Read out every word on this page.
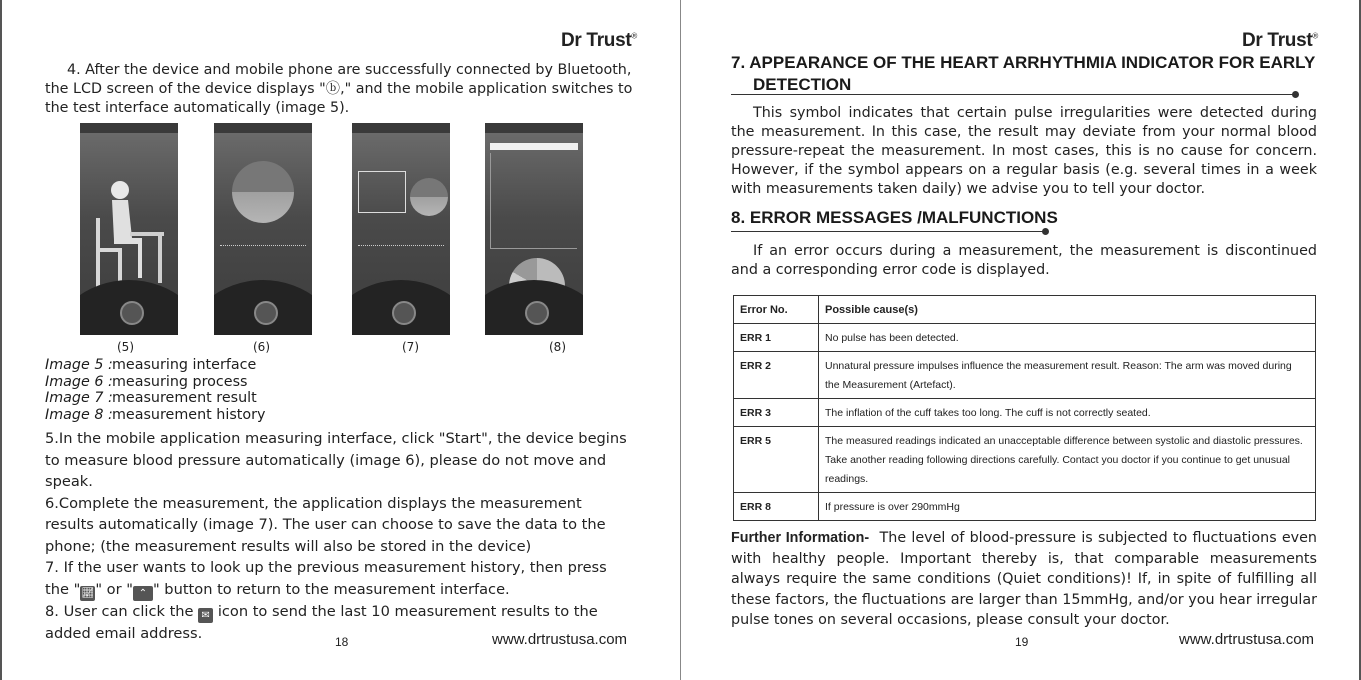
Dr Trust®
4. After the device and mobile phone are successfully connected by Bluetooth, the LCD screen of the device displays "ⓑ," and the mobile application switches to the test interface automatically (image 5).
(5)	(6)	(7)	(8)
Image 5 :measuring interface
Image 6 :measuring process
Image 7 :measurement result
Image 8 :measurement history
5.In the mobile application measuring interface, click "Start", the device begins to measure blood pressure automatically (image 6), please do not move and speak.
6.Complete the measurement, the application displays the measurement results automatically (image 7). The user can choose to save the data to the phone; (the measurement results will also be stored in the device)
7. If the user wants to look up the previous measurement history, then press the "📈︎" or " ⌃ " button to return to the measurement interface.
8. User can click the ✉ icon to send the last 10 measurement results to the added email address.
18	www.drtrustusa.com
Dr Trust®
7. APPEARANCE OF THE HEART ARRHYTHMIA INDICATOR FOR EARLY
DETECTION
This symbol indicates that certain pulse irregularities were detected during the measurement. In this case, the result may deviate from your normal blood pressure-repeat the measurement. In most cases, this is no cause for concern. However, if the symbol appears on a regular basis (e.g. several times in a week with measurements taken daily) we advise you to tell your doctor.
8. ERROR MESSAGES /MALFUNCTIONS
If an error occurs during a measurement, the measurement is discontinued and a corresponding error code is displayed.
Error No.	Possible cause(s)
ERR 1	No pulse has been detected.
ERR 2	Unnatural pressure impulses influence the measurement result. Reason: The arm was moved during the Measurement (Artefact).
ERR 3	The inflation of the cuff takes too long. The cuff is not correctly seated.
ERR 5	The measured readings indicated an unacceptable difference between systolic and diastolic pressures. Take another reading following directions carefully. Contact you doctor if you continue to get unusual readings.
ERR 8	If pressure is over 290mmHg
Further Information- The level of blood-pressure is subjected to fluctuations even with healthy people. Important thereby is, that comparable measurements always require the same conditions (Quiet conditions)! If, in spite of fulfilling all these factors, the fluctuations are larger than 15mmHg, and/or you hear irregular pulse tones on several occasions, please consult your doctor.
19	www.drtrustusa.com
